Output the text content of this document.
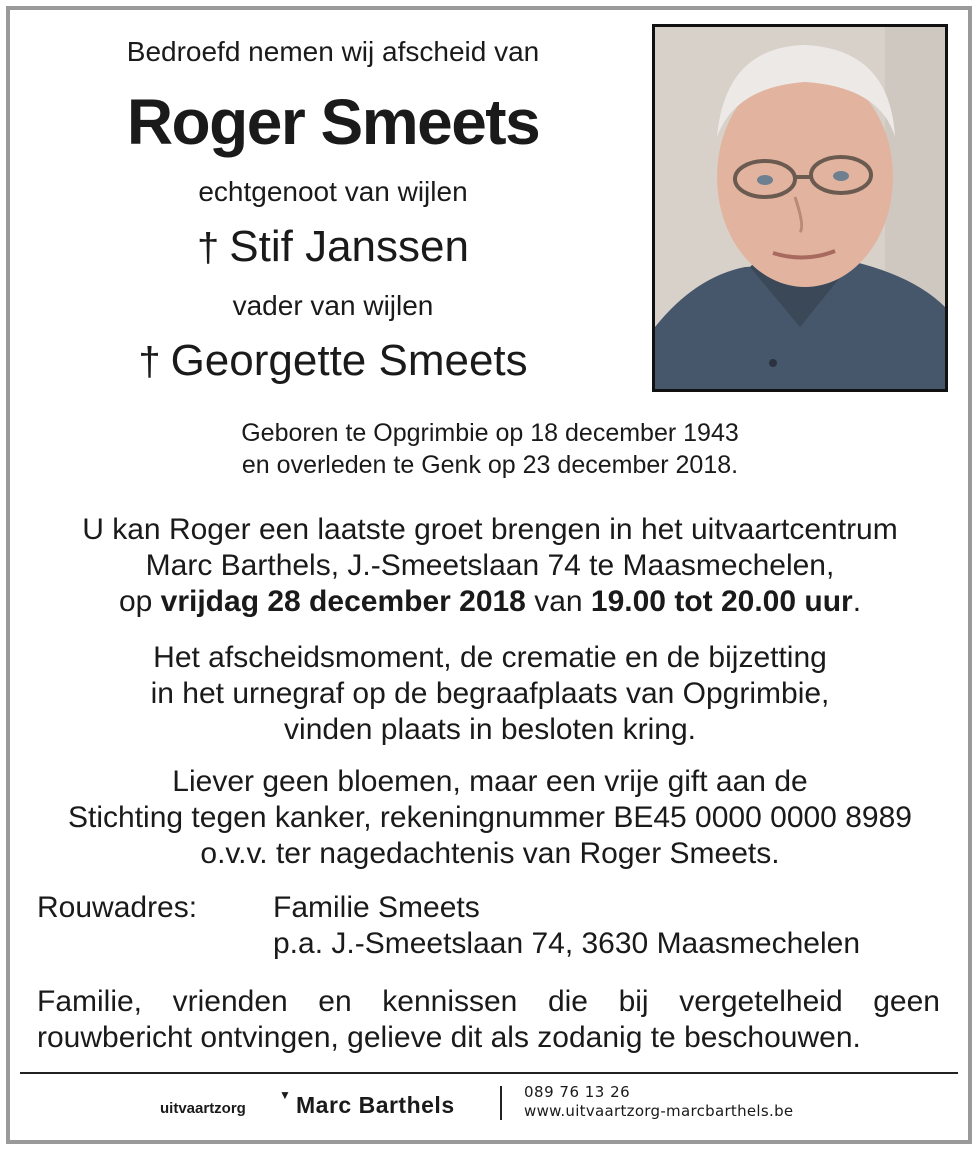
Bedroefd nemen wij afscheid van
Roger Smeets
echtgenoot van wijlen
† Stif Janssen
vader van wijlen
† Georgette Smeets
Geboren te Opgrimbie op 18 december 1943
en overleden te Genk op 23 december 2018.
U kan Roger een laatste groet brengen in het uitvaartcentrum
Marc Barthels, J.-Smeetslaan 74 te Maasmechelen,
op vrijdag 28 december 2018 van 19.00 tot 20.00 uur.
Het afscheidsmoment, de crematie en de bijzetting
in het urnegraf op de begraafplaats van Opgrimbie,
vinden plaats in besloten kring.
Liever geen bloemen, maar een vrije gift aan de
Stichting tegen kanker, rekeningnummer BE45 0000 0000 8989
o.v.v. ter nagedachtenis van Roger Smeets.
Rouwadres:	Familie Smeets
p.a. J.-Smeetslaan 74, 3630 Maasmechelen
Familie, vrienden en kennissen die bij vergetelheid geen rouwbericht ontvingen, gelieve dit als zodanig te beschouwen.
uitvaartzorg
▼ Marc Barthels	089 76 13 26
www.uitvaartzorg-marcbarthels.be
